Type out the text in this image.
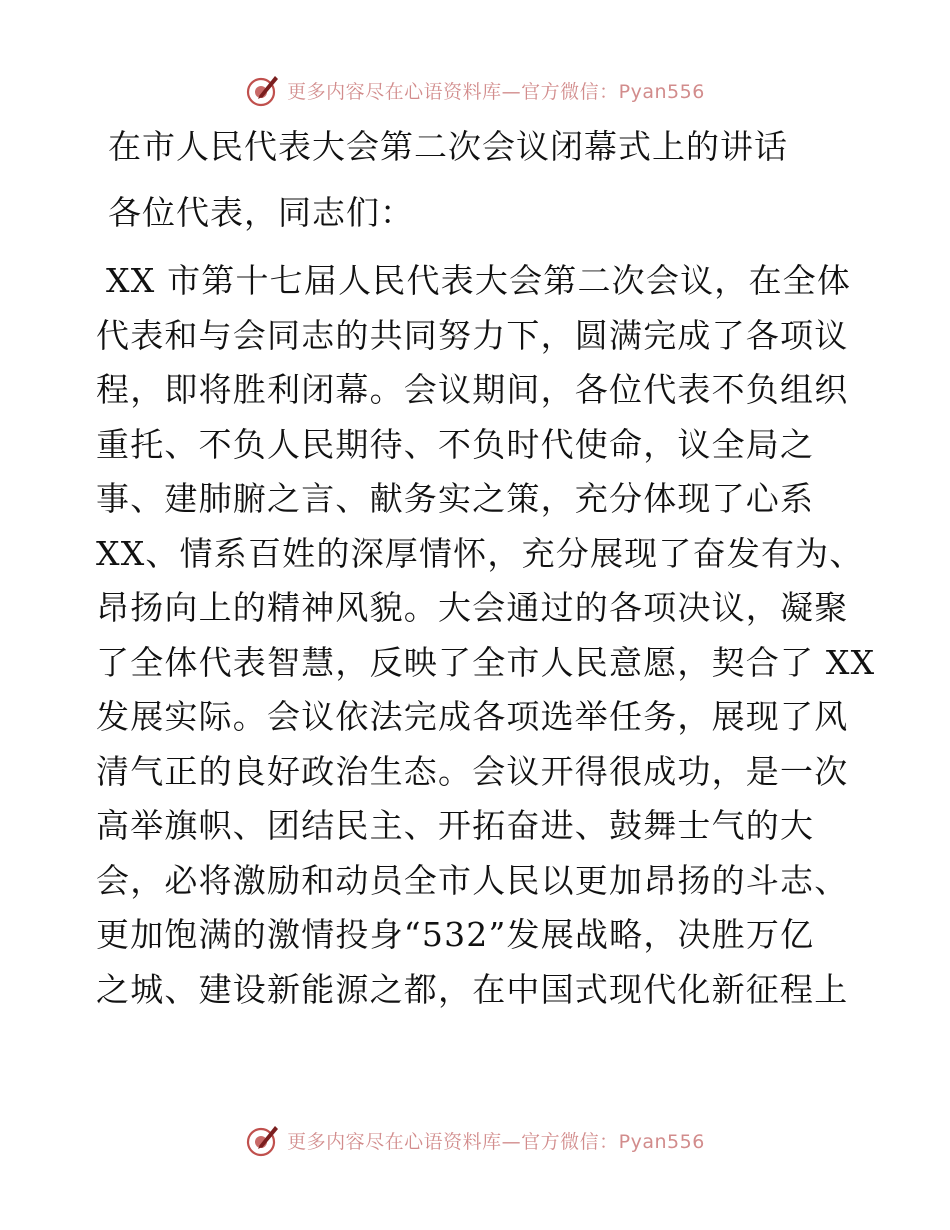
更多内容尽在心语资料库—官方微信：Pyan556
在市人民代表大会第二次会议闭幕式上的讲话

各位代表，同志们：

XX 市第十七届人民代表大会第二次会议，在全体
代表和与会同志的共同努力下，圆满完成了各项议
程，即将胜利闭幕。会议期间，各位代表不负组织
重托、不负人民期待、不负时代使命，议全局之
事、建肺腑之言、献务实之策，充分体现了心系
XX、情系百姓的深厚情怀，充分展现了奋发有为、
昂扬向上的精神风貌。大会通过的各项决议，凝聚
了全体代表智慧，反映了全市人民意愿，契合了 XX
发展实际。会议依法完成各项选举任务，展现了风
清气正的良好政治生态。会议开得很成功，是一次
高举旗帜、团结民主、开拓奋进、鼓舞士气的大
会，必将激励和动员全市人民以更加昂扬的斗志、
更加饱满的激情投身“532”发展战略，决胜万亿
之城、建设新能源之都，在中国式现代化新征程上
更多内容尽在心语资料库—官方微信：Pyan556
